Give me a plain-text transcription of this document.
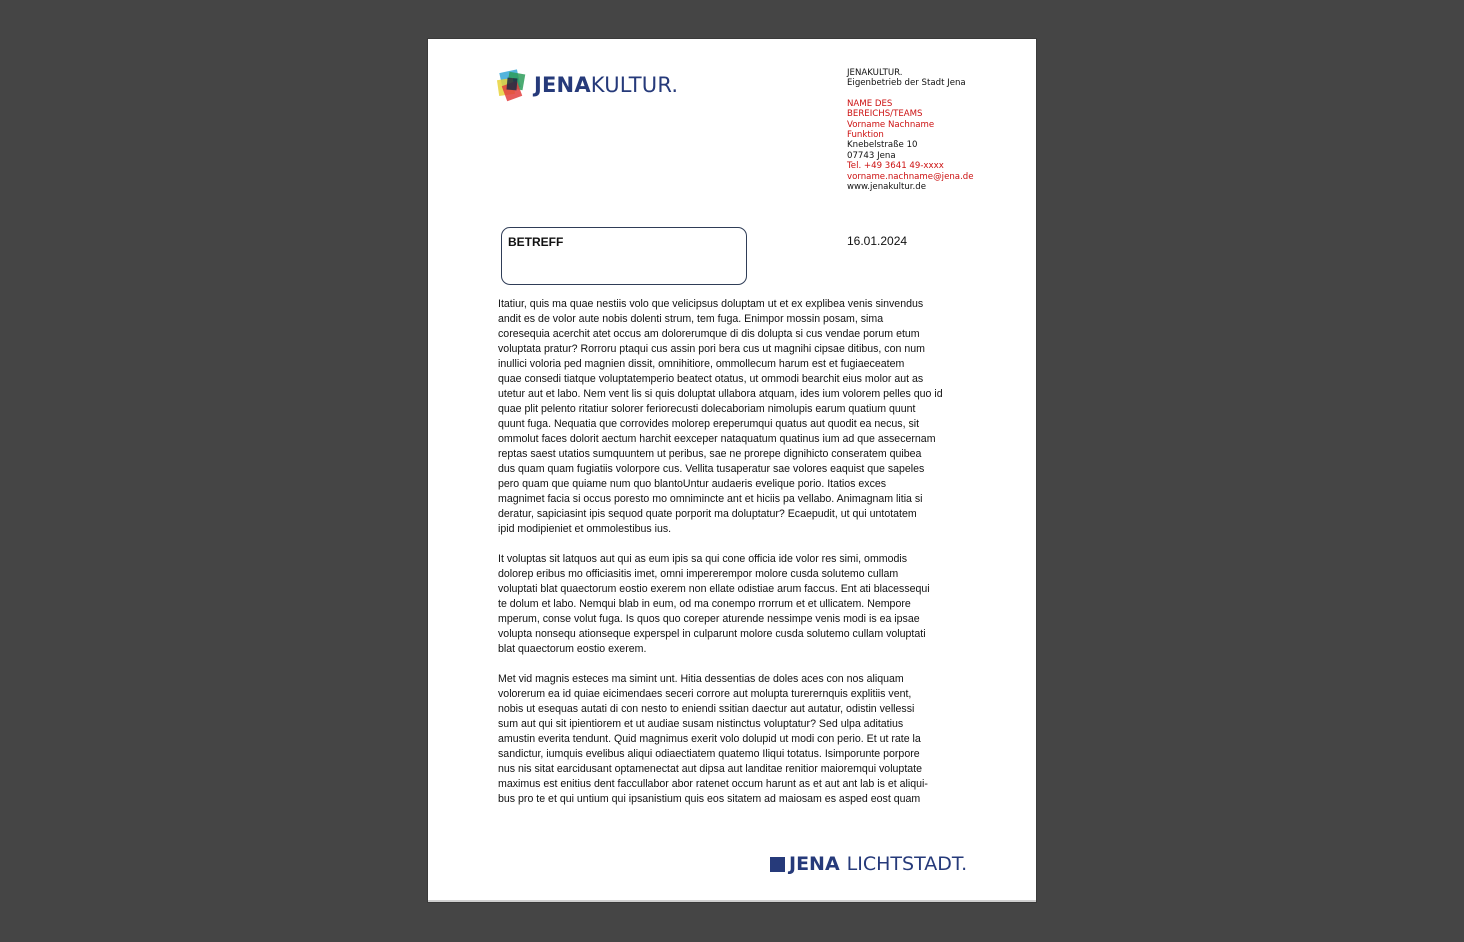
JENAKULTUR.	JENAKULTUR.
Eigenbetrieb der Stadt Jena
NAME DES
BEREICHS/TEAMS
Vorname Nachname
Funktion
Knebelstraße 10
07743 Jena
Tel. +49 3641 49-xxxx
vorname.nachname@jena.de
www.jenakultur.de
BETREFF	16.01.2024
Itatiur, quis ma quae nestiis volo que velicipsus doluptam ut et ex explibea venis sinvendus
andit es de volor aute nobis dolenti strum, tem fuga. Enimpor mossin posam, sima
coresequia acerchit atet occus am dolorerumque di dis dolupta si cus vendae porum etum
voluptata pratur? Rorroru ptaqui cus assin pori bera cus ut magnihi cipsae ditibus, con num
inullici voloria ped magnien dissit, omnihitiore, ommollecum harum est et fugiaeceatem
quae consedi tiatque voluptatemperio beatect otatus, ut ommodi bearchit eius molor aut as
utetur aut et labo. Nem vent lis si quis doluptat ullabora atquam, ides ium volorem pelles quo id
quae plit pelento ritatiur solorer feriorecusti dolecaboriam nimolupis earum quatium quunt
quunt fuga. Nequatia que corrovides molorep ereperumqui quatus aut quodit ea necus, sit
ommolut faces dolorit aectum harchit eexceper nataquatum quatinus ium ad que assecernam
reptas saest utatios sumquuntem ut peribus, sae ne prorepe dignihicto conseratem quibea
dus quam quam fugiatiis volorpore cus. Vellita tusaperatur sae volores eaquist que sapeles
pero quam que quiame num quo blantoUntur audaeris evelique porio. Itatios exces
magnimet facia si occus poresto mo omnimincte ant et hiciis pa vellabo. Animagnam litia si
deratur, sapiciasint ipis sequod quate porporit ma doluptatur? Ecaepudit, ut qui untotatem
ipid modipieniet et ommolestibus ius.
It voluptas sit latquos aut qui as eum ipis sa qui cone officia ide volor res simi, ommodis
dolorep eribus mo officiasitis imet, omni impererempor molore cusda solutemo cullam
voluptati blat quaectorum eostio exerem non ellate odistiae arum faccus. Ent ati blacessequi
te dolum et labo. Nemqui blab in eum, od ma conempo rrorrum et et ullicatem. Nempore
mperum, conse volut fuga. Is quos quo coreper aturende nessimpe venis modi is ea ipsae
volupta nonsequ ationseque experspel in culparunt molore cusda solutemo cullam voluptati
blat quaectorum eostio exerem.
Met vid magnis esteces ma simint unt. Hitia dessentias de doles aces con nos aliquam
volorerum ea id quiae eicimendaes seceri corrore aut molupta turerernquis explitiis vent,
nobis ut esequas autati di con nesto to eniendi ssitian daectur aut autatur, odistin vellessi
sum aut qui sit ipientiorem et ut audiae susam nistinctus voluptatur? Sed ulpa aditatius
amustin everita tendunt. Quid magnimus exerit volo dolupid ut modi con perio. Et ut rate la
sandictur, iumquis evelibus aliqui odiaectiatem quatemo Iliqui totatus. Isimporunte porpore
nus nis sitat earcidusant optamenectat aut dipsa aut landitae renitior maioremqui voluptate
maximus est enitius dent faccullabor abor ratenet occum harunt as et aut ant lab is et aliqui-
bus pro te et qui untium qui ipsanistium quis eos sitatem ad maiosam es asped eost quam
JENA LICHTSTADT.
